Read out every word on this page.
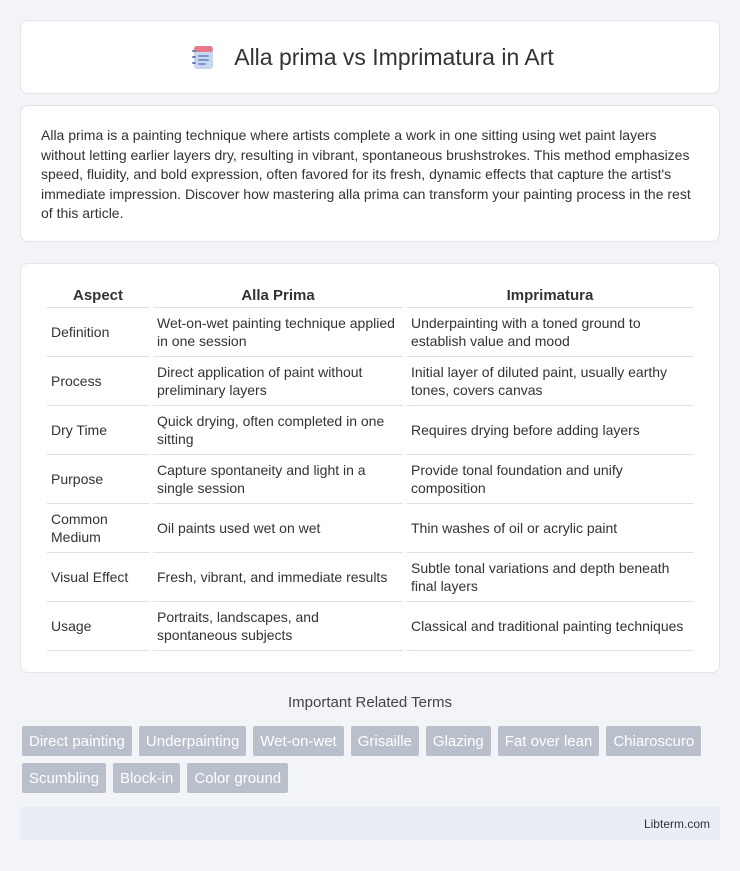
Alla prima vs Imprimatura in Art

Alla prima is a painting technique where artists complete a work in one sitting using wet paint layers without letting earlier layers dry, resulting in vibrant, spontaneous brushstrokes. This method emphasizes speed, fluidity, and bold expression, often favored for its fresh, dynamic effects that capture the artist's immediate impression. Discover how mastering alla prima can transform your painting process in the rest of this article.

Aspect	Alla Prima	Imprimatura
Definition	Wet-on-wet painting technique applied in one session	Underpainting with a toned ground to establish value and mood
Process	Direct application of paint without preliminary layers	Initial layer of diluted paint, usually earthy tones, covers canvas
Dry Time	Quick drying, often completed in one sitting	Requires drying before adding layers
Purpose	Capture spontaneity and light in a single session	Provide tonal foundation and unify composition
Common Medium	Oil paints used wet on wet	Thin washes of oil or acrylic paint
Visual Effect	Fresh, vibrant, and immediate results	Subtle tonal variations and depth beneath final layers
Usage	Portraits, landscapes, and spontaneous subjects	Classical and traditional painting techniques
Important Related Terms
Direct painting	Underpainting	Wet-on-wet	Grisaille	Glazing	Fat over lean	Chiaroscuro
Scumbling	Block-in	Color ground
Libterm.com
